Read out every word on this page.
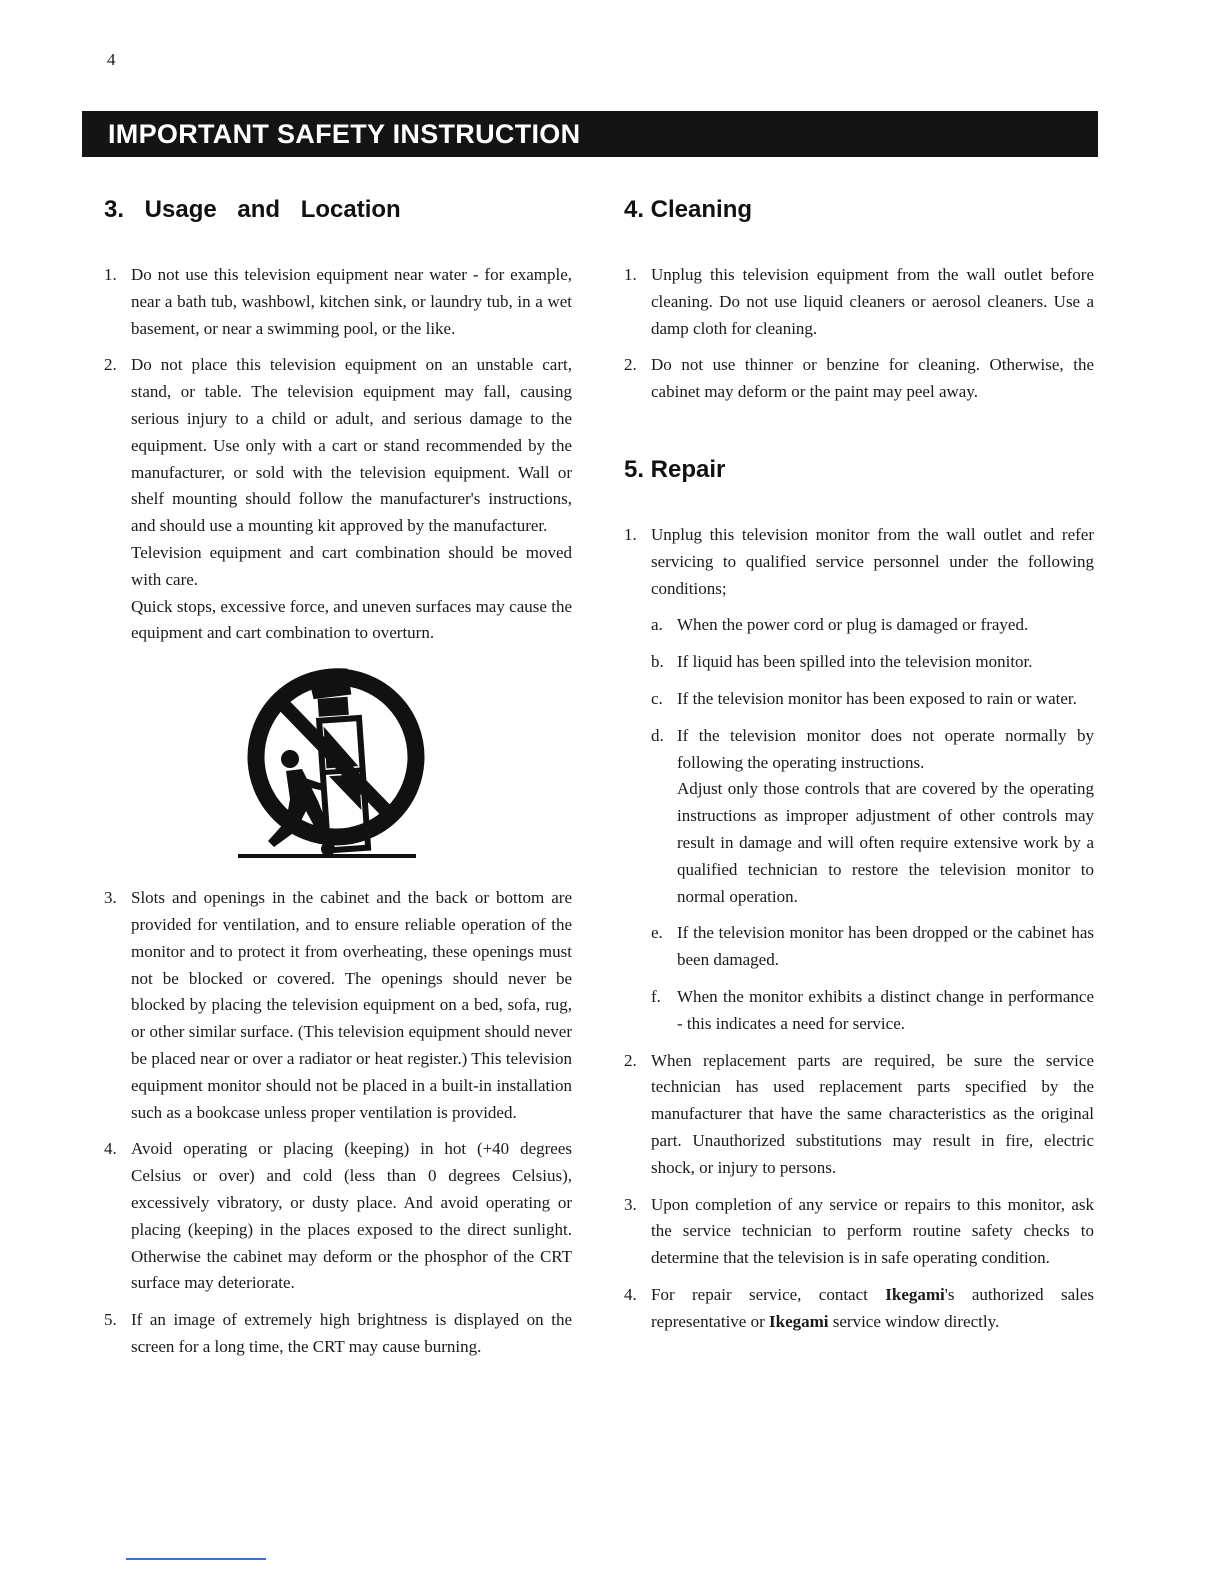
4
IMPORTANT SAFETY INSTRUCTION
3. Usage and Location
1. Do not use this television equipment near water - for example, near a bath tub, washbowl, kitchen sink, or laundry tub, in a wet basement, or near a swimming pool, or the like.
2. Do not place this television equipment on an unstable cart, stand, or table. The television equipment may fall, causing serious injury to a child or adult, and serious damage to the equipment. Use only with a cart or stand recommended by the manufacturer, or sold with the television equipment. Wall or shelf mounting should follow the manufacturer's instructions, and should use a mounting kit approved by the manufacturer.
Television equipment and cart combination should be moved with care.
Quick stops, excessive force, and uneven surfaces may cause the equipment and cart combination to overturn.
3. Slots and openings in the cabinet and the back or bottom are provided for ventilation, and to ensure reliable operation of the monitor and to protect it from overheating, these openings must not be blocked or covered. The openings should never be blocked by placing the television equipment on a bed, sofa, rug, or other similar surface. (This television equipment should never be placed near or over a radiator or heat register.) This television equipment monitor should not be placed in a built-in installation such as a bookcase unless proper ventilation is provided.
4. Avoid operating or placing (keeping) in hot (+40 degrees Celsius or over) and cold (less than 0 degrees Celsius), excessively vibratory, or dusty place. And avoid operating or placing (keeping) in the places exposed to the direct sunlight. Otherwise the cabinet may deform or the phosphor of the CRT surface may deteriorate.
5. If an image of extremely high brightness is displayed on the screen for a long time, the CRT may cause burning.
4. Cleaning
1. Unplug this television equipment from the wall outlet before cleaning. Do not use liquid cleaners or aerosol cleaners. Use a damp cloth for cleaning.
2. Do not use thinner or benzine for cleaning. Otherwise, the cabinet may deform or the paint may peel away.
5. Repair
1. Unplug this television monitor from the wall outlet and refer servicing to qualified service personnel under the following conditions;
a. When the power cord or plug is damaged or frayed.
b. If liquid has been spilled into the television monitor.
c. If the television monitor has been exposed to rain or water.
d. If the television monitor does not operate normally by following the operating instructions.
Adjust only those controls that are covered by the operating instructions as improper adjustment of other controls may result in damage and will often require extensive work by a qualified technician to restore the television monitor to normal operation.
e. If the television monitor has been dropped or the cabinet has been damaged.
f. When the monitor exhibits a distinct change in performance - this indicates a need for service.
2. When replacement parts are required, be sure the service technician has used replacement parts specified by the manufacturer that have the same characteristics as the original part. Unauthorized substitutions may result in fire, electric shock, or injury to persons.
3. Upon completion of any service or repairs to this monitor, ask the service technician to perform routine safety checks to determine that the television is in safe operating condition.
4. For repair service, contact Ikegami's authorized sales representative or Ikegami service window directly.
